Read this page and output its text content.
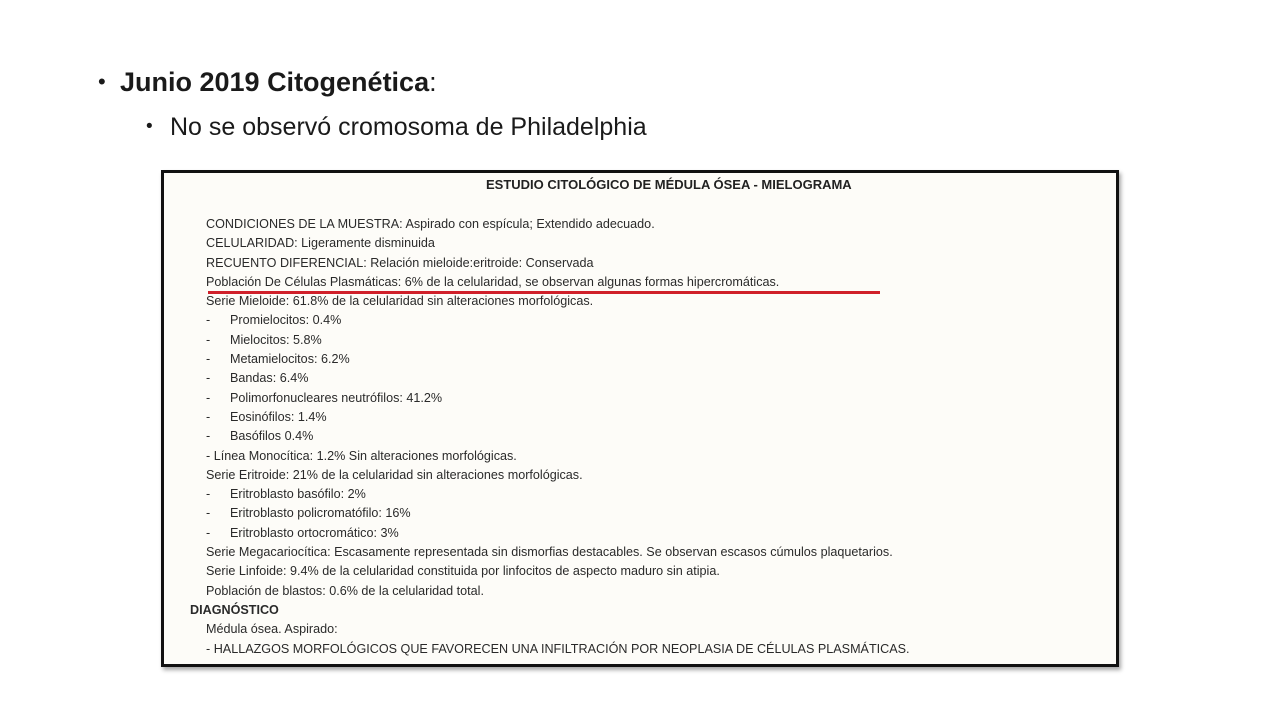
• Junio 2019 Citogenética:
• No se observó cromosoma de Philadelphia
ESTUDIO CITOLÓGICO DE MÉDULA ÓSEA - MIELOGRAMA
CONDICIONES DE LA MUESTRA: Aspirado con espícula; Extendido adecuado.
CELULARIDAD: Ligeramente disminuida
RECUENTO DIFERENCIAL: Relación mieloide:eritroide: Conservada
Población De Células Plasmáticas: 6% de la celularidad, se observan algunas formas hipercromáticas.
Serie Mieloide: 61.8% de la celularidad sin alteraciones morfológicas.
- Promielocitos: 0.4%
- Mielocitos: 5.8%
- Metamielocitos: 6.2%
- Bandas: 6.4%
- Polimorfonucleares neutrófilos: 41.2%
- Eosinófilos: 1.4%
- Basófilos 0.4%
- Línea Monocítica: 1.2% Sin alteraciones morfológicas.
Serie Eritroide: 21% de la celularidad sin alteraciones morfológicas.
- Eritroblasto basófilo: 2%
- Eritroblasto policromatófilo: 16%
- Eritroblasto ortocromático: 3%
Serie Megacariocítica: Escasamente representada sin dismorfias destacables. Se observan escasos cúmulos plaquetarios.
Serie Linfoide: 9.4% de la celularidad constituida por linfocitos de aspecto maduro sin atipia.
Población de blastos: 0.6% de la celularidad total.
DIAGNÓSTICO
Médula ósea. Aspirado:
- HALLAZGOS MORFOLÓGICOS QUE FAVORECEN UNA INFILTRACIÓN POR NEOPLASIA DE CÉLULAS PLASMÁTICAS.
